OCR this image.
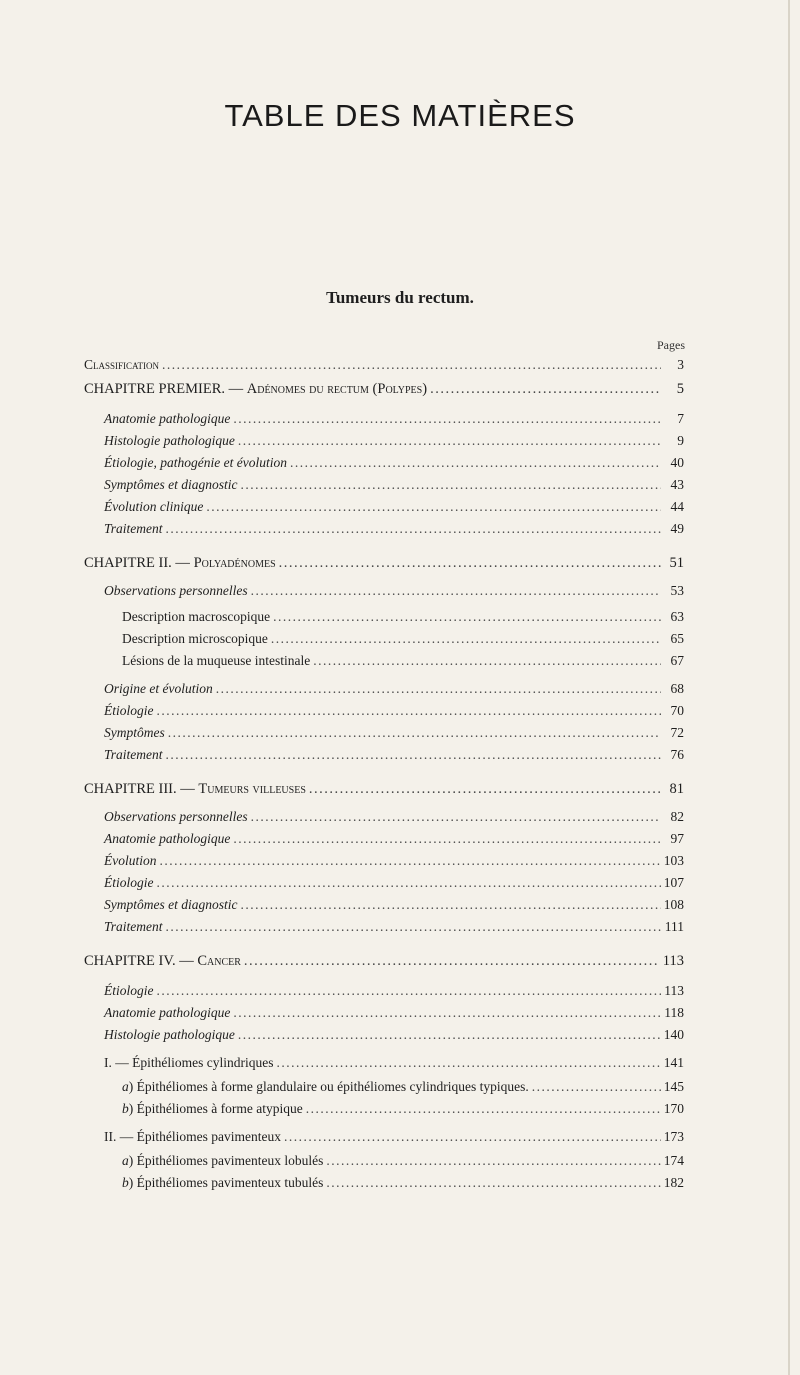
TABLE DES MATIÈRES
Tumeurs du rectum.
Pages
Classification .....	3
CHAPITRE PREMIER. — Adénomes du rectum (Polypes) .....	5
Anatomie pathologique .....	7
Histologie pathologique .....	9
Étiologie, pathogénie et évolution .....	40
Symptômes et diagnostic .....	43
Évolution clinique .....	44
Traitement .....	49
CHAPITRE II. — Polyadénomes .....	51
Observations personnelles .....	53
Description macroscopique .....	63
Description microscopique .....	65
Lésions de la muqueuse intestinale .....	67
Origine et évolution .....	68
Étiologie .....	70
Symptômes .....	72
Traitement .....	76
CHAPITRE III. — Tumeurs villeuses .....	81
Observations personnelles .....	82
Anatomie pathologique .....	97
Évolution .....	103
Étiologie .....	107
Symptômes et diagnostic .....	108
Traitement .....	111
CHAPITRE IV. — Cancer .....	113
Étiologie .....	113
Anatomie pathologique .....	118
Histologie pathologique .....	140
I. — Épithéliomes cylindriques .....	141
a) Épithéliomes à forme glandulaire ou épithéliomes cylindriques typiques. .....	145
b) Épithéliomes à forme atypique .....	170
II. — Épithéliomes pavimenteux .....	173
a) Épithéliomes pavimenteux lobulés .....	174
b) Épithéliomes pavimenteux tubulés .....	182
